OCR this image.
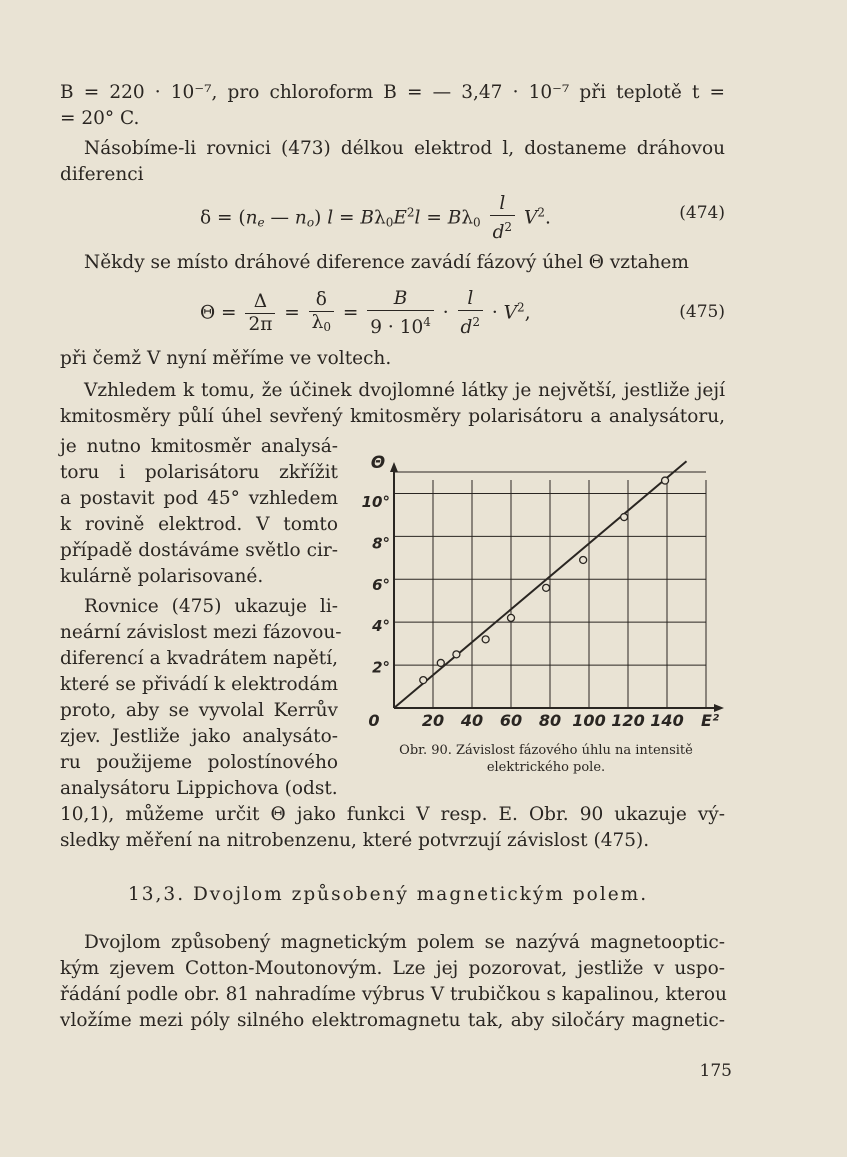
B = 220 · 10⁻⁷, pro chloroform B = — 3,47 · 10⁻⁷ při teplotě t =
= 20° C.
Násobíme-li rovnici (473) délkou elektrod l, dostaneme dráhovou
diferenci
$\delta = (n_e$ — $n_o$) $l = B\lambda_0E^2l = B\lambda_0 \frac{l}{d^2} V^2$.	(474)
Někdy se místo dráhové diference zavádí fázový úhel Θ vztahem
$\Theta = \frac{\Delta}{2\pi} = \frac{\delta}{\lambda_0} = \frac{B}{9 \cdot 10^4} \cdot \frac{l}{d^2} \cdot V^2$,	(475)
při čemž V nyní měříme ve voltech.
Vzhledem k tomu, že účinek dvojlomné látky je největší, jestliže její
kmitosměry půlí úhel sevřený kmitosměry polarisátoru a analysátoru,
je nutno kmitosměr analysá-
toru i polarisátoru zkřížit
a postavit pod 45° vzhledem
k rovině elektrod. V tomto
případě dostáváme světlo cir-
kulárně polarisované.
Rovnice (475) ukazuje li-
neární závislost mezi fázovou-
diferencí a kvadrátem napětí,
které se přivádí k elektrodám
proto, aby se vyvolal Kerrův
zjev. Jestliže jako analysáto-
ru použijeme polostínového
analysátoru Lippichova (odst.
10,1), můžeme určit Θ jako funkci V resp. E. Obr. 90 ukazuje vý-
sledky měření na nitrobenzenu, které potvrzují závislost (475).
0	20 40 60 80 100 120 140 E²
2°
4°
6°
8°
10°
Θ
Obr. 90. Závislost fázového úhlu na intensitě
elektrického pole.
13,3. Dvojlom způsobený magnetickým polem.
Dvojlom způsobený magnetickým polem se nazývá magnetooptic-
kým zjevem Cotton-Moutonovým. Lze jej pozorovat, jestliže v uspo-
řádání podle obr. 81 nahradíme výbrus V trubičkou s kapalinou, kterou
vložíme mezi póly silného elektromagnetu tak, aby siločáry magnetic-
175
